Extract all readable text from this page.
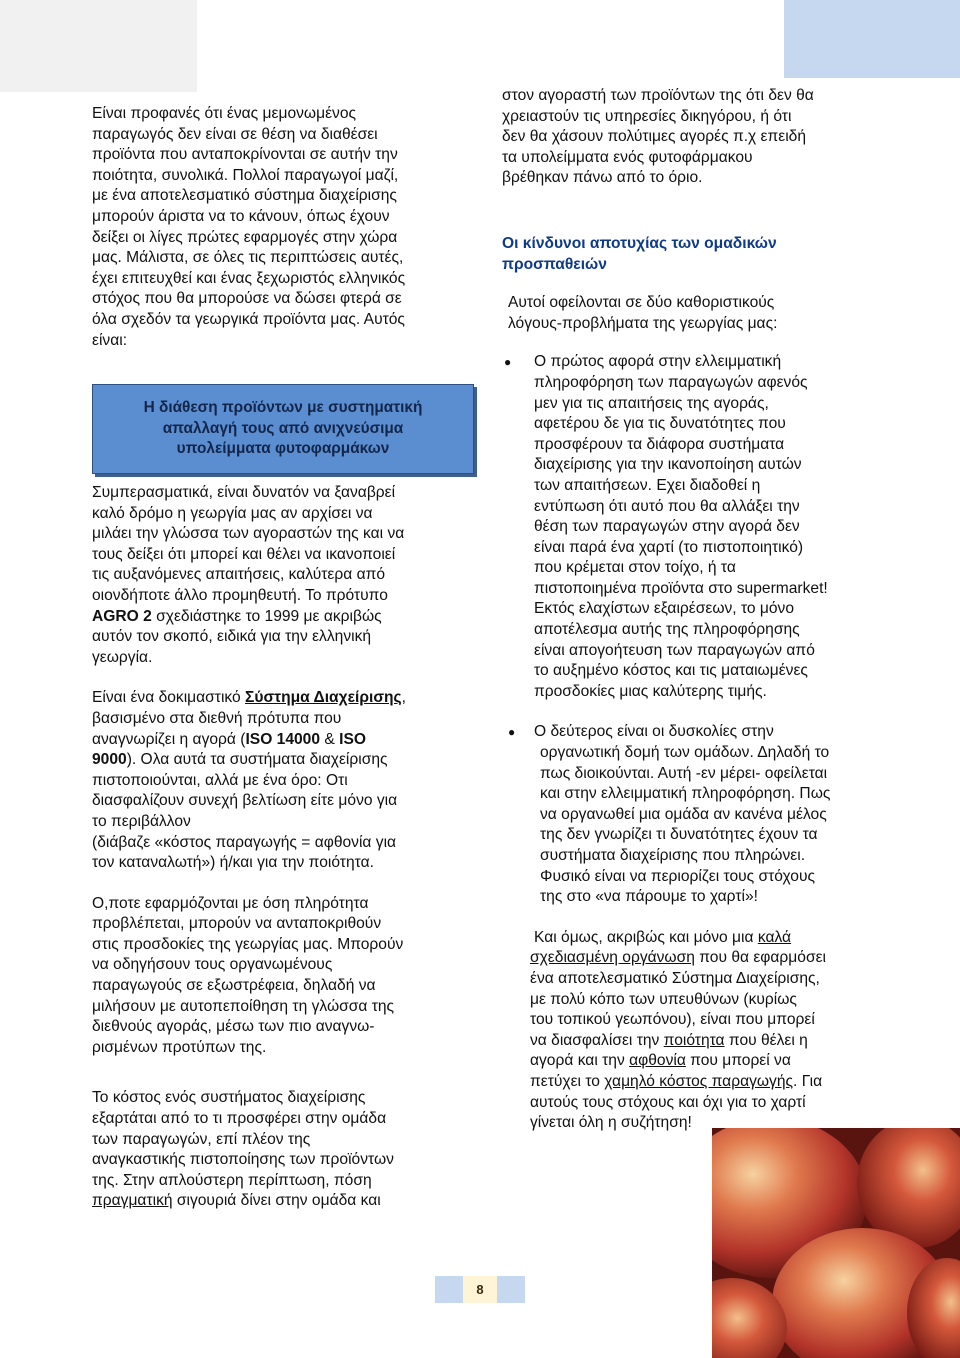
Είναι προφανές ότι ένας μεμονωμένος

παραγωγός δεν είναι σε θέση να διαθέσει

προϊόντα που ανταποκρίνονται σε αυτήν την

ποιότητα, συνολικά. Πολλοί παραγωγοί μαζί,

με ένα αποτελεσματικό σύστημα διαχείρισης

μπορούν άριστα να το κάνουν, όπως έχουν

δείξει οι λίγες πρώτες εφαρμογές στην χώρα

μας. Μάλιστα, σε όλες τις περιπτώσεις αυτές,

έχει επιτευχθεί και ένας ξεχωριστός ελληνικός

στόχος που θα μπορούσε να δώσει φτερά σε

όλα σχεδόν τα γεωργικά προϊόντα μας. Αυτός

είναι:

Η διάθεση προϊόντων με συστηματική
απαλλαγή τους από ανιχνεύσιμα
υπολείμματα φυτοφαρμάκων

Συμπερασματικά, είναι δυνατόν να ξαναβρεί

καλό δρόμο η γεωργία μας αν αρχίσει να

μιλάει την γλώσσα των αγοραστών της και να

τους δείξει ότι μπορεί και θέλει να ικανοποιεί

τις αυξανόμενες απαιτήσεις, καλύτερα από

οιονδήποτε άλλο προμηθευτή. Το πρότυπο

AGRO 2 σχεδιάστηκε το 1999 με ακριβώς

αυτόν τον σκοπό, ειδικά για την ελληνική

γεωργία.

Είναι ένα δοκιμαστικό Σύστημα Διαχείρισης,

βασισμένο στα διεθνή πρότυπα που

αναγνωρίζει η αγορά (ISO 14000 & ISO

9000). Ολα αυτά τα συστήματα διαχείρισης

πιστοποιούνται, αλλά με ένα όρο: Οτι

διασφαλίζουν συνεχή βελτίωση είτε μόνο για

το περιβάλλον

(διάβαζε «κόστος παραγωγής = αφθονία για

τον καταναλωτή») ή/και για την ποιότητα.

Ο,ποτε εφαρμόζονται με όση πληρότητα

προβλέπεται, μπορούν να ανταποκριθούν

στις προσδοκίες της γεωργίας μας. Μπορούν

να οδηγήσουν τους οργανωμένους

παραγωγούς σε εξωστρέφεια, δηλαδή να

μιλήσουν με αυτοπεποίθηση τη γλώσσα της

διεθνούς αγοράς, μέσω των πιο αναγνω-

ρισμένων προτύπων της.

Το κόστος ενός συστήματος διαχείρισης

εξαρτάται από το τι προσφέρει στην ομάδα

των παραγωγών, επί πλέον της

αναγκαστικής πιστοποίησης των προϊόντων

της. Στην απλούστερη περίπτωση, πόση

πραγματική σιγουριά δίνει στην ομάδα και

στον αγοραστή των προϊόντων της ότι δεν θα

χρειαστούν τις υπηρεσίες δικηγόρου, ή ότι

δεν θα χάσουν πολύτιμες αγορές π.χ επειδή

τα υπολείμματα ενός φυτοφάρμακου

βρέθηκαν πάνω από το όριο.

Οι κίνδυνοι αποτυχίας των ομαδικών

προσπαθειών

Αυτοί οφείλονται σε δύο καθοριστικούς

λόγους-προβλήματα της γεωργίας μας:

●	Ο πρώτος αφορά στην ελλειμματική

πληροφόρηση των παραγωγών αφενός

μεν για τις απαιτήσεις της αγοράς,

αφετέρου δε για τις δυνατότητες που

προσφέρουν τα διάφορα συστήματα

διαχείρισης για την ικανοποίηση αυτών

των απαιτήσεων. Εχει διαδοθεί η

εντύπωση ότι αυτό που θα αλλάξει την

θέση των παραγωγών στην αγορά δεν

είναι παρά ένα χαρτί (το πιστοποιητικό)

που κρέμεται στον τοίχο, ή τα

πιστοποιημένα προϊόντα στο supermarket!

Εκτός ελαχίστων εξαιρέσεων, το μόνο

αποτέλεσμα αυτής της πληροφόρησης

είναι απογοήτευση των παραγωγών από

το αυξημένο κόστος και τις ματαιωμένες

προσδοκίες μιας καλύτερης τιμής.

●	Ο δεύτερος είναι οι δυσκολίες στην

οργανωτική δομή των ομάδων. Δηλαδή το

πως διοικούνται. Αυτή -εν μέρει- οφείλεται

και στην ελλειμματική πληροφόρηση. Πως

να οργανωθεί μια ομάδα αν κανένα μέλος

της δεν γνωρίζει τι δυνατότητες έχουν τα

συστήματα διαχείρισης που πληρώνει.

Φυσικό είναι να περιορίζει τους στόχους

της στο «να πάρουμε το χαρτί»!

Και όμως, ακριβώς και μόνο μια καλά

σχεδιασμένη οργάνωση που θα εφαρμόσει

ένα αποτελεσματικό Σύστημα Διαχείρισης,

με πολύ κόπο των υπευθύνων (κυρίως

του τοπικού γεωπόνου), είναι που μπορεί

να διασφαλίσει την ποιότητα που θέλει η

αγορά και την αφθονία που μπορεί να

πετύχει το χαμηλό κόστος παραγωγής. Για

αυτούς τους στόχους και όχι για το χαρτί

γίνεται όλη η συζήτηση!

8
